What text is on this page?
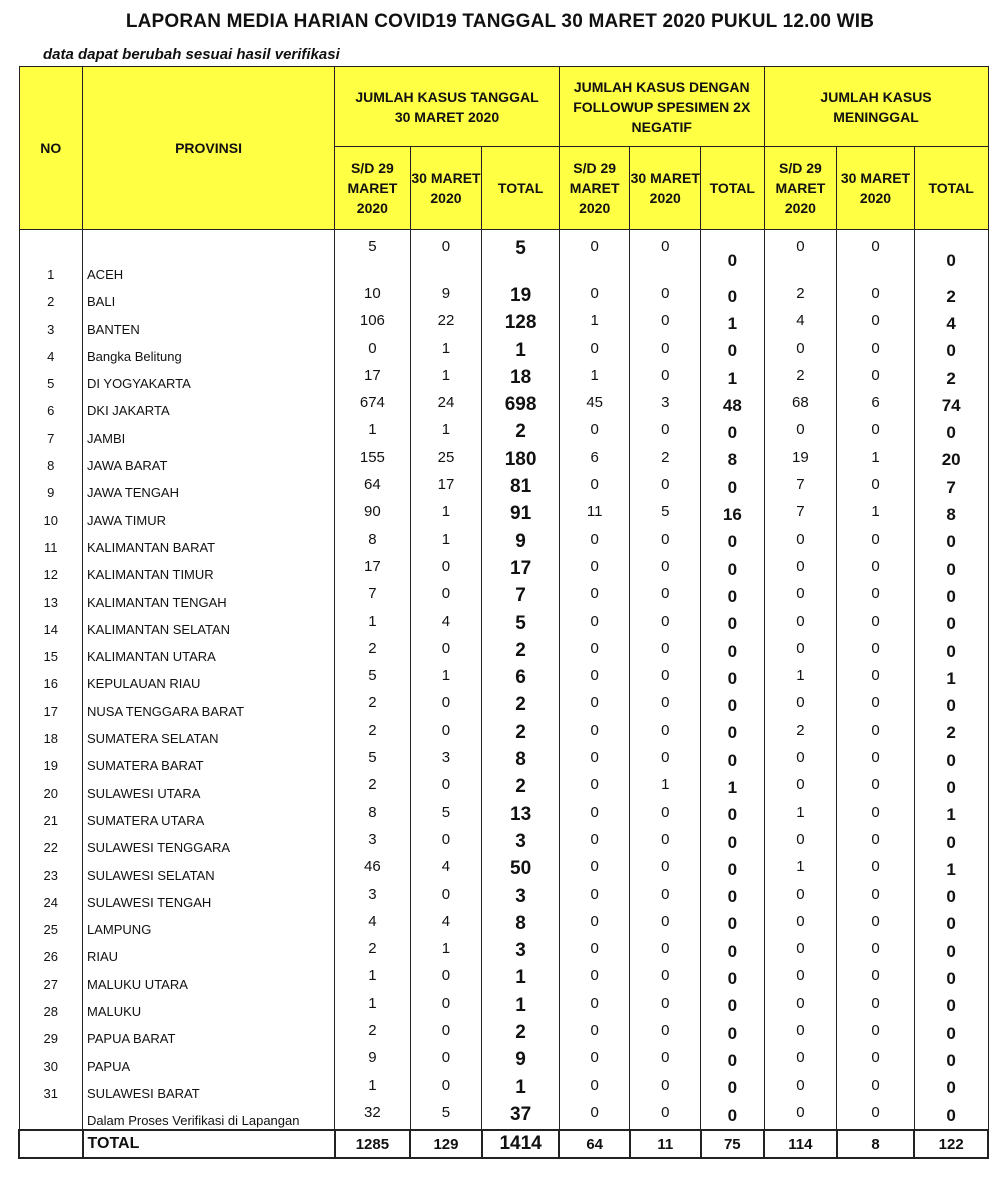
LAPORAN MEDIA HARIAN COVID19 TANGGAL 30 MARET 2020 PUKUL 12.00 WIB
data dapat berubah sesuai hasil verifikasi
NO	PROVINSI	JUMLAH KASUS TANGGAL 30 MARET 2020			JUMLAH KASUS DENGAN FOLLOWUP SPESIMEN 2X NEGATIF			JUMLAH KASUS MENINGGAL		
		S/D 29 MARET 2020	30 MARET 2020	TOTAL	S/D 29 MARET 2020	30 MARET 2020	TOTAL	S/D 29 MARET 2020	30 MARET 2020	TOTAL
1	ACEH	5	0	5	0	0	0	0	0	0
2	BALI	10	9	19	0	0	0	2	0	2
3	BANTEN	106	22	128	1	0	1	4	0	4
4	Bangka Belitung	0	1	1	0	0	0	0	0	0
5	DI YOGYAKARTA	17	1	18	1	0	1	2	0	2
6	DKI JAKARTA	674	24	698	45	3	48	68	6	74
7	JAMBI	1	1	2	0	0	0	0	0	0
8	JAWA BARAT	155	25	180	6	2	8	19	1	20
9	JAWA TENGAH	64	17	81	0	0	0	7	0	7
10	JAWA TIMUR	90	1	91	11	5	16	7	1	8
11	KALIMANTAN BARAT	8	1	9	0	0	0	0	0	0
12	KALIMANTAN TIMUR	17	0	17	0	0	0	0	0	0
13	KALIMANTAN TENGAH	7	0	7	0	0	0	0	0	0
14	KALIMANTAN SELATAN	1	4	5	0	0	0	0	0	0
15	KALIMANTAN UTARA	2	0	2	0	0	0	0	0	0
16	KEPULAUAN RIAU	5	1	6	0	0	0	1	0	1
17	NUSA TENGGARA BARAT	2	0	2	0	0	0	0	0	0
18	SUMATERA SELATAN	2	0	2	0	0	0	2	0	2
19	SUMATERA BARAT	5	3	8	0	0	0	0	0	0
20	SULAWESI UTARA	2	0	2	0	1	1	0	0	0
21	SUMATERA UTARA	8	5	13	0	0	0	1	0	1
22	SULAWESI TENGGARA	3	0	3	0	0	0	0	0	0
23	SULAWESI SELATAN	46	4	50	0	0	0	1	0	1
24	SULAWESI TENGAH	3	0	3	0	0	0	0	0	0
25	LAMPUNG	4	4	8	0	0	0	0	0	0
26	RIAU	2	1	3	0	0	0	0	0	0
27	MALUKU UTARA	1	0	1	0	0	0	0	0	0
28	MALUKU	1	0	1	0	0	0	0	0	0
29	PAPUA BARAT	2	0	2	0	0	0	0	0	0
30	PAPUA	9	0	9	0	0	0	0	0	0
31	SULAWESI BARAT	1	0	1	0	0	0	0	0	0
	Dalam Proses Verifikasi di Lapangan	32	5	37	0	0	0	0	0	0
	TOTAL	1285	129	1414	64	11	75	114	8	122
